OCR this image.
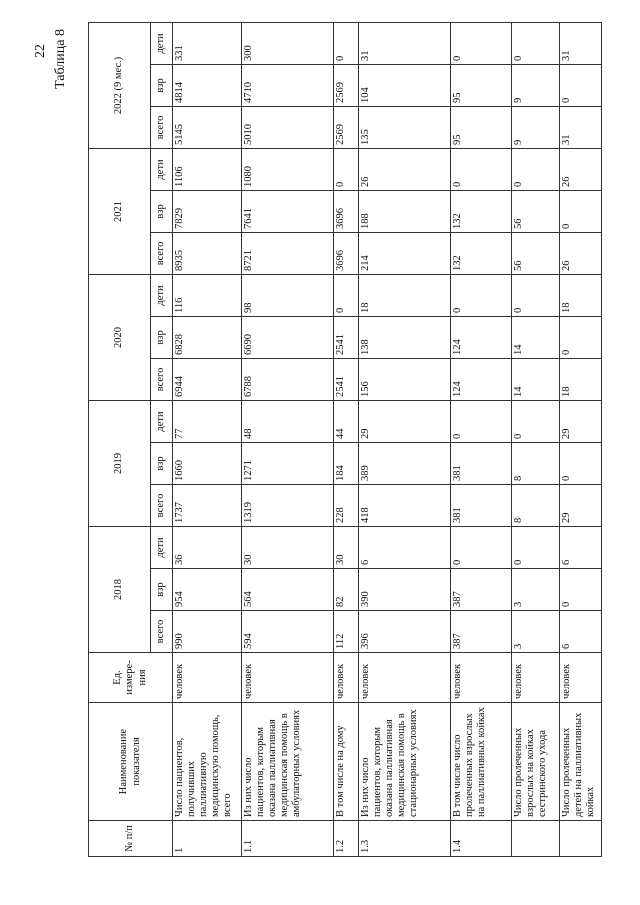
22 Таблица 8
№ п/п	Наименование показателя	Ед. измере-ния	2018			2019			2020			2021			2022 (9 мес.)		
			всего	взр	дети	всего	взр	дети	всего	взр	дети	всего	взр	дети	всего	взр	дети
1	Число пациентов, получивших паллиативную медицинскую помощь, всего	человек	990	954	36	1737	1660	77	6944	6828	116	8935	7829	1106	5145	4814	331
1.1	Из них число пациентов, которым оказана паллиативная медицинская помощь в амбулаторных условиях	человек	594	564	30	1319	1271	48	6788	6690	98	8721	7641	1080	5010	4710	300
1.2	В том числе на дому	человек	112	82	30	228	184	44	2541	2541	0	3696	3696	0	2569	2569	0
1.3	Из них число пациентов, которым оказана паллиативная медицинская помощь в стационарных условиях	человек	396	390	6	418	389	29	156	138	18	214	188	26	135	104	31
1.4	В том числе число пролеченных взрослых на паллиативных койках	человек	387	387	0	381	381	0	124	124	0	132	132	0	95	95	0
	Число пролеченных взрослых на койках сестринского ухода	человек	3	3	0	8	8	0	14	14	0	56	56	0	9	9	0
	Число пролеченных детей на паллиативных койках	человек	6	0	6	29	0	29	18	0	18	26	0	26	31	0	31
